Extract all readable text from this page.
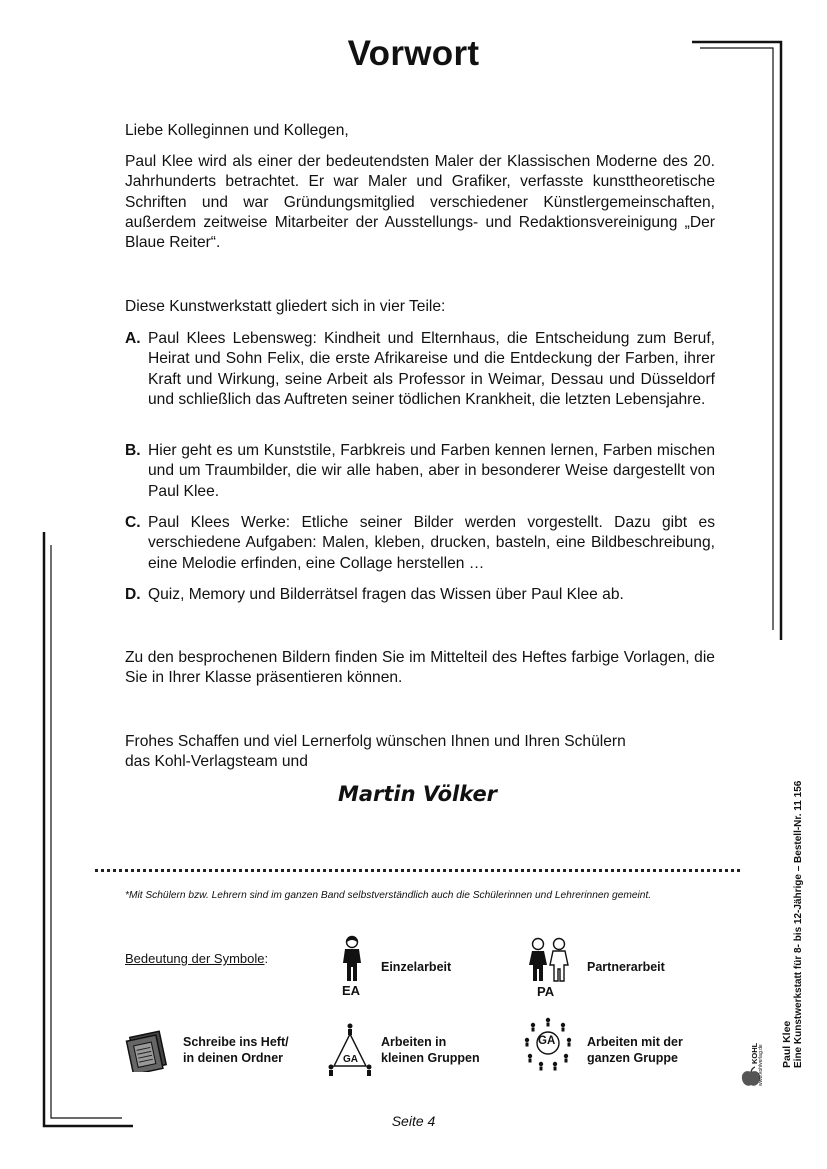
Vorwort
Liebe Kolleginnen und Kollegen,
Paul Klee wird als einer der bedeutendsten Maler der Klassischen Moderne des 20. Jahrhunderts betrachtet. Er war Maler und Grafiker, verfasste kunsttheoretische Schriften und war Gründungsmitglied verschiedener Künstlergemeinschaften, außerdem zeitweise Mitarbeiter der Ausstellungs- und Redaktionsvereinigung „Der Blaue Reiter“.
Diese Kunstwerkstatt gliedert sich in vier Teile:
A. Paul Klees Lebensweg: Kindheit und Elternhaus, die Entscheidung zum Beruf, Heirat und Sohn Felix, die erste Afrikareise und die Entdeckung der Farben, ihrer Kraft und Wirkung, seine Arbeit als Professor in Weimar, Dessau und Düsseldorf und schließlich das Auftreten seiner tödlichen Krankheit, die letzten Lebensjahre.
B. Hier geht es um Kunststile, Farbkreis und Farben kennen lernen, Farben mischen und um Traumbilder, die wir alle haben, aber in besonderer Weise dargestellt von Paul Klee.
C. Paul Klees Werke: Etliche seiner Bilder werden vorgestellt. Dazu gibt es verschiedene Aufgaben: Malen, kleben, drucken, basteln, eine Bildbeschreibung, eine Melodie erfinden, eine Collage herstellen …
D. Quiz, Memory und Bilderrätsel fragen das Wissen über Paul Klee ab.
Zu den besprochenen Bildern finden Sie im Mittelteil des Heftes farbige Vorlagen, die Sie in Ihrer Klasse präsentieren können.
Frohes Schaffen und viel Lernerfolg wünschen Ihnen und Ihren Schülern
das Kohl-Verlagsteam und
Martin Völker
*Mit Schülern bzw. Lehrern sind im ganzen Band selbstverständlich auch die Schülerinnen und Lehrerinnen gemeint.
Bedeutung der Symbole:
EA
Einzelarbeit
PA
Partnerarbeit
Schreibe ins Heft/
in deinen Ordner	GA
Arbeiten in
kleinen Gruppen
GA	Arbeiten mit der
ganzen Gruppe
Seite 4
Paul Klee Eine Kunstwerkstatt für 8- bis 12-Jährige – Bestell-Nr. 11 156
KOHL www.kohlverlag.de
